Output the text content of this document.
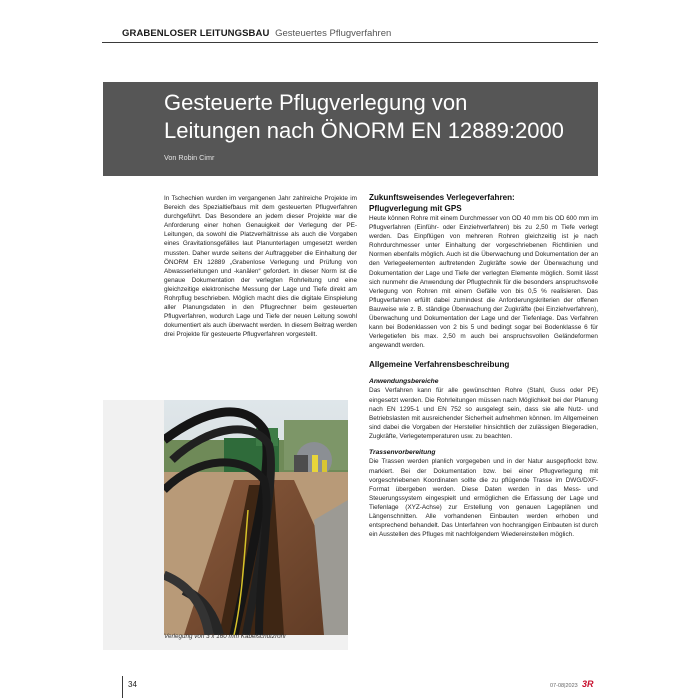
GRABENLOSER LEITUNGSBAU Gesteuertes Pflugverfahren
Gesteuerte Pflugverlegung von
Leitungen nach ÖNORM EN 12889:2000
Von Robin Cimr

In Tschechien wurden im vergangenen Jahr zahlreiche Projekte im Bereich des Spezialtiefbaus mit dem gesteuerten Pflugverfahren durchgeführt. Das Besondere an jedem dieser Projekte war die Anforderung einer hohen Genauigkeit der Verlegung der PE-Leitungen, da sowohl die Platzverhältnisse als auch die Vorgaben eines Gravitationsgefälles laut Planunterlagen umgesetzt werden mussten. Daher wurde seitens der Auftraggeber die Einhaltung der ÖNORM EN 12889 „Grabenlose Verlegung und Prüfung von Abwasserleitungen und -kanälen“ gefordert. In dieser Norm ist die genaue Dokumentation der verlegten Rohrleitung und eine gleichzeitige elektronische Messung der Lage und Tiefe direkt am Rohrpflug beschrieben. Möglich macht dies die digitale Einspielung aller Planungsdaten in den Pflugrechner beim gesteuerten Pflugverfahren, wodurch Lage und Tiefe der neuen Leitung sowohl dokumentiert als auch überwacht werden. In diesem Beitrag werden drei Projekte für gesteuerte Pflugverfahren vorgestellt.

Verlegung von 3 x 160 mm Kabelschutzrohr

Zukunftsweisendes Verlegeverfahren:

Pflugverlegung mit GPS

Heute können Rohre mit einem Durchmesser von OD 40 mm bis OD 600 mm im Pflugverfahren (Einführ- oder Einziehverfahren) bis zu 2,50 m Tiefe verlegt werden. Das Einpflügen von mehreren Rohren gleichzeitig ist je nach Rohrdurchmesser unter Einhaltung der vorgeschriebenen Richtlinien und Normen ebenfalls möglich. Auch ist die Überwachung und Dokumentation der an den Verlegeelementen auftretenden Zugkräfte sowie der Überwachung und Dokumentation der Lage und Tiefe der verlegten Elemente möglich. Somit lässt sich nunmehr die Anwendung der Pflugtechnik für die besonders anspruchsvolle Verlegung von Rohren mit einem Gefälle von bis 0,5 % realisieren. Das Pflugverfahren erfüllt dabei zumindest die Anforderungskriterien der offenen Bauweise wie z. B. ständige Überwachung der Zugkräfte (bei Einziehverfahren), Überwachung und Dokumentation der Lage und der Tiefenlage. Das Verfahren kann bei Bodenklassen von 2 bis 5 und bedingt sogar bei Bodenklasse 6 für Verlegetiefen bis max. 2,50 m auch bei anspruchsvollen Geländeformen angewandt werden.

Allgemeine Verfahrensbeschreibung

Anwendungsbereiche

Das Verfahren kann für alle gewünschten Rohre (Stahl, Guss oder PE) eingesetzt werden. Die Rohrleitungen müssen nach Möglichkeit bei der Planung nach EN 1295-1 und EN 752 so ausgelegt sein, dass sie alle Nutz- und Betriebslasten mit ausreichender Sicherheit aufnehmen können. Im Allgemeinen sind dabei die Vorgaben der Hersteller hinsichtlich der zulässigen Biegeradien, Zugkräfte, Verlegetemperaturen usw. zu beachten.

Trassenvorbereitung

Die Trassen werden planlich vorgegeben und in der Natur ausgepflockt bzw. markiert. Bei der Dokumentation bzw. bei einer Pflugverlegung mit vorgeschriebenen Koordinaten sollte die zu pflügende Trasse im DWG/DXF-Format übergeben werden. Diese Daten werden in das Mess- und Steuerungssystem eingespielt und ermöglichen die Erfassung der Lage und Tiefenlage (XYZ-Achse) zur Erstellung von genauen Lageplänen und Längenschnitten. Alle vorhandenen Einbauten werden erhoben und entsprechend behandelt. Das Unterfahren von hochrangigen Einbauten ist durch ein Ausstellen des Pfluges mit nachfolgendem Wiedereinstellen möglich.

34	07-08|2023 3R
